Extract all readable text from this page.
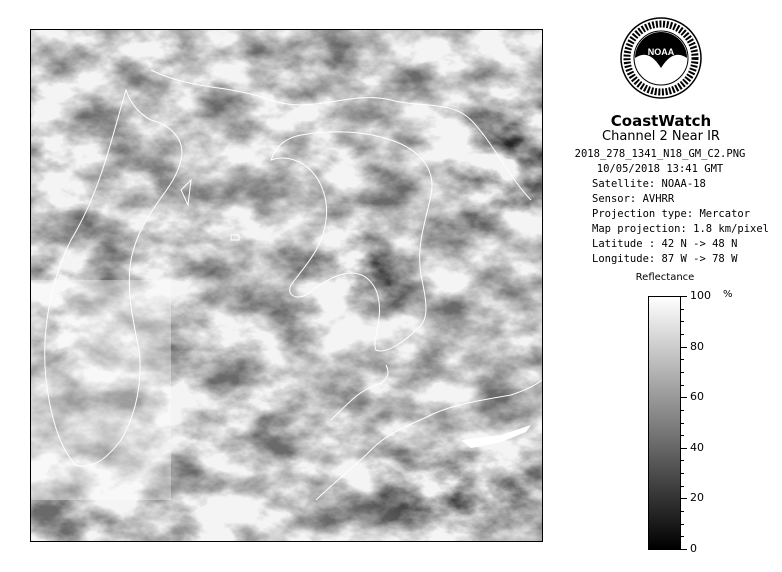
NOAA
CoastWatch
Channel 2 Near IR
2018_278_1341_N18_GM_C2.PNG
10/05/2018 13:41 GMT
Satellite: NOAA-18
Sensor: AVHRR
Projection type: Mercator
Map projection: 1.8 km/pixel
Latitude : 42 N -> 48 N
Longitude: 87 W -> 78 W
Reflectance
%
100
80
60
40
20
0
